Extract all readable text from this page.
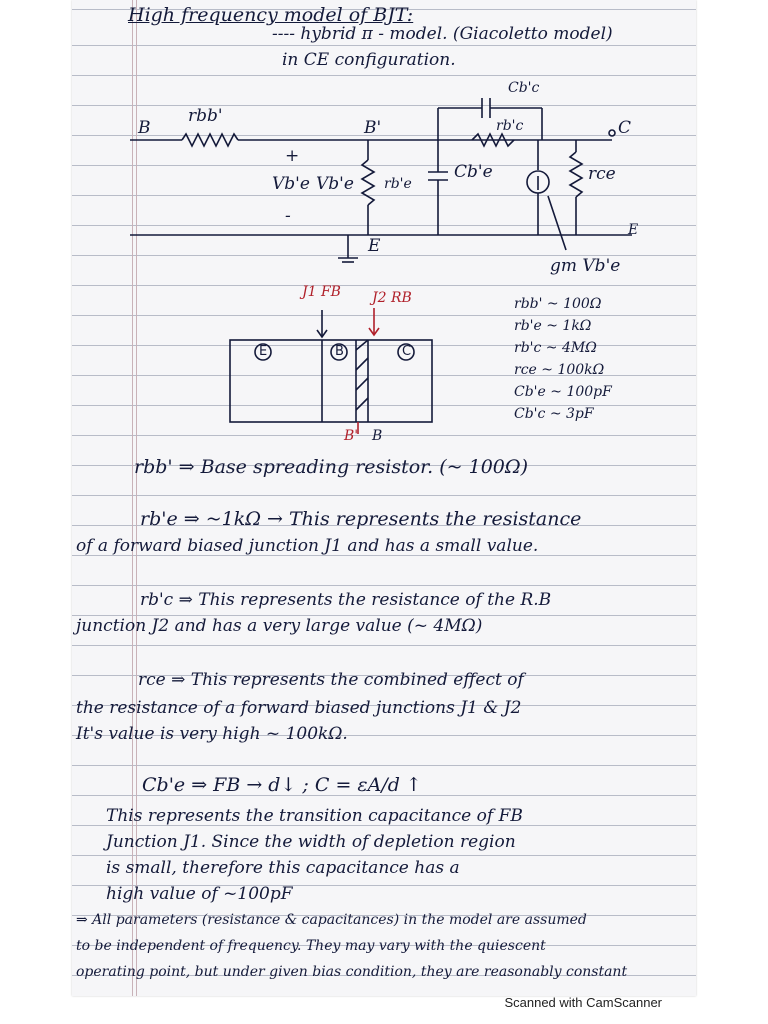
High frequency model of BJT:
---- hybrid π - model. (Giacoletto model)
in CE configuration.
B
rbb'
B'
Cb'c
rb'c	C
+
Vb'e Vb'e rb'e
Cb'e	rce
-
E
E
gm Vb'e
J1 FB J2 RB
E	B	C
B' B
rbb' ~ 100Ω
rb'e ~ 1kΩ
rb'c ~ 4MΩ
rce ~ 100kΩ
Cb'e ~ 100pF
Cb'c ~ 3pF
rbb' ⇒ Base spreading resistor. (~ 100Ω)
rb'e ⇒ ~1kΩ → This represents the resistance
of a forward biased junction J1 and has a small value.
rb'c ⇒ This represents the resistance of the R.B
junction J2 and has a very large value (~ 4MΩ)
rce ⇒ This represents the combined effect of
the resistance of a forward biased junctions J1 & J2
It's value is very high ~ 100kΩ.
Cb'e ⇒ FB → d↓ ; C = εA/d ↑
This represents the transition capacitance of FB
Junction J1. Since the width of depletion region
is small, therefore this capacitance has a
high value of ~100pF
⇒ All parameters (resistance & capacitances) in the model are assumed
to be independent of frequency. They may vary with the quiescent
operating point, but under given bias condition, they are reasonably constant
Scanned with CamScanner
